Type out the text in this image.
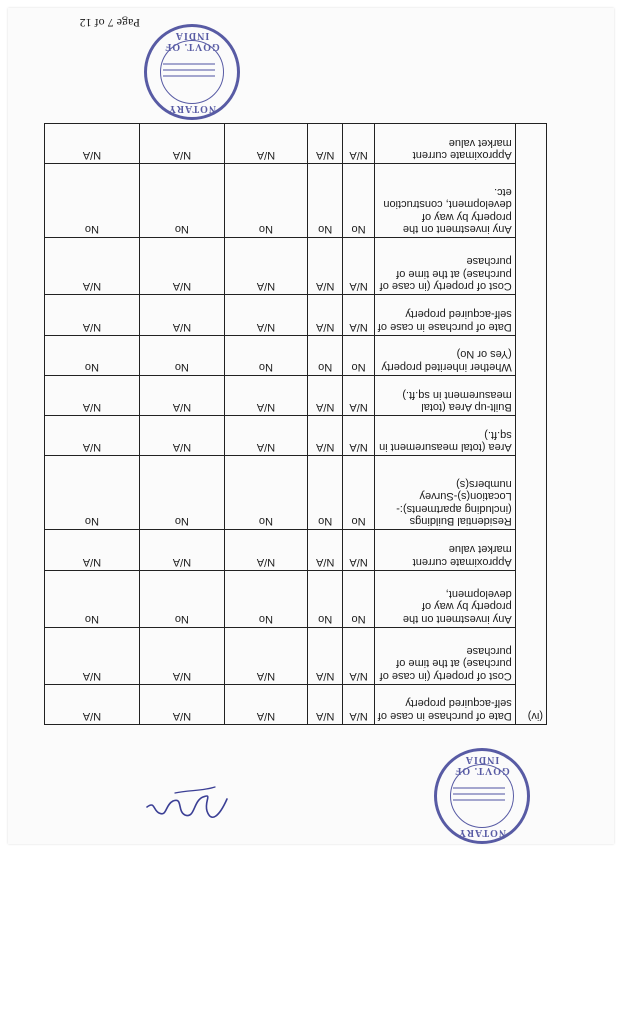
Page 7 of 12
(iv)	Date of purchase in case of self-acquired property	N/A	N/A	N/A	N/A	N/A
	Cost of property (in case of purchase) at the time of purchase	N/A	N/A	N/A	N/A	N/A
	Any investment on the property by way of development,	No	No	No	No	No
	Approximate current market value	N/A	N/A	N/A	N/A	N/A
	Residential Buildings (including apartments):- Location(s)-Survey numbers(s)	No	No	No	No	No
	Area (total measurement in sq.ft.)	N/A	N/A	N/A	N/A	N/A
	Built-up Area (total measurement in sq.ft.)	N/A	N/A	N/A	N/A	N/A
	Whether inherited property (Yes or No)	No	No	No	No	No
	Date of purchase in case of self-acquired property	N/A	N/A	N/A	N/A	N/A
	Cost of property (in case of purchase) at the time of purchase	N/A	N/A	N/A	N/A	N/A
	Any investment on the property by way of development, construction etc.	No	No	No	No	No
	Approximate current market value	N/A	N/A	N/A	N/A	N/A
NOTARY
GOVT. OF INDIA
NOTARY
GOVT. OF INDIA
